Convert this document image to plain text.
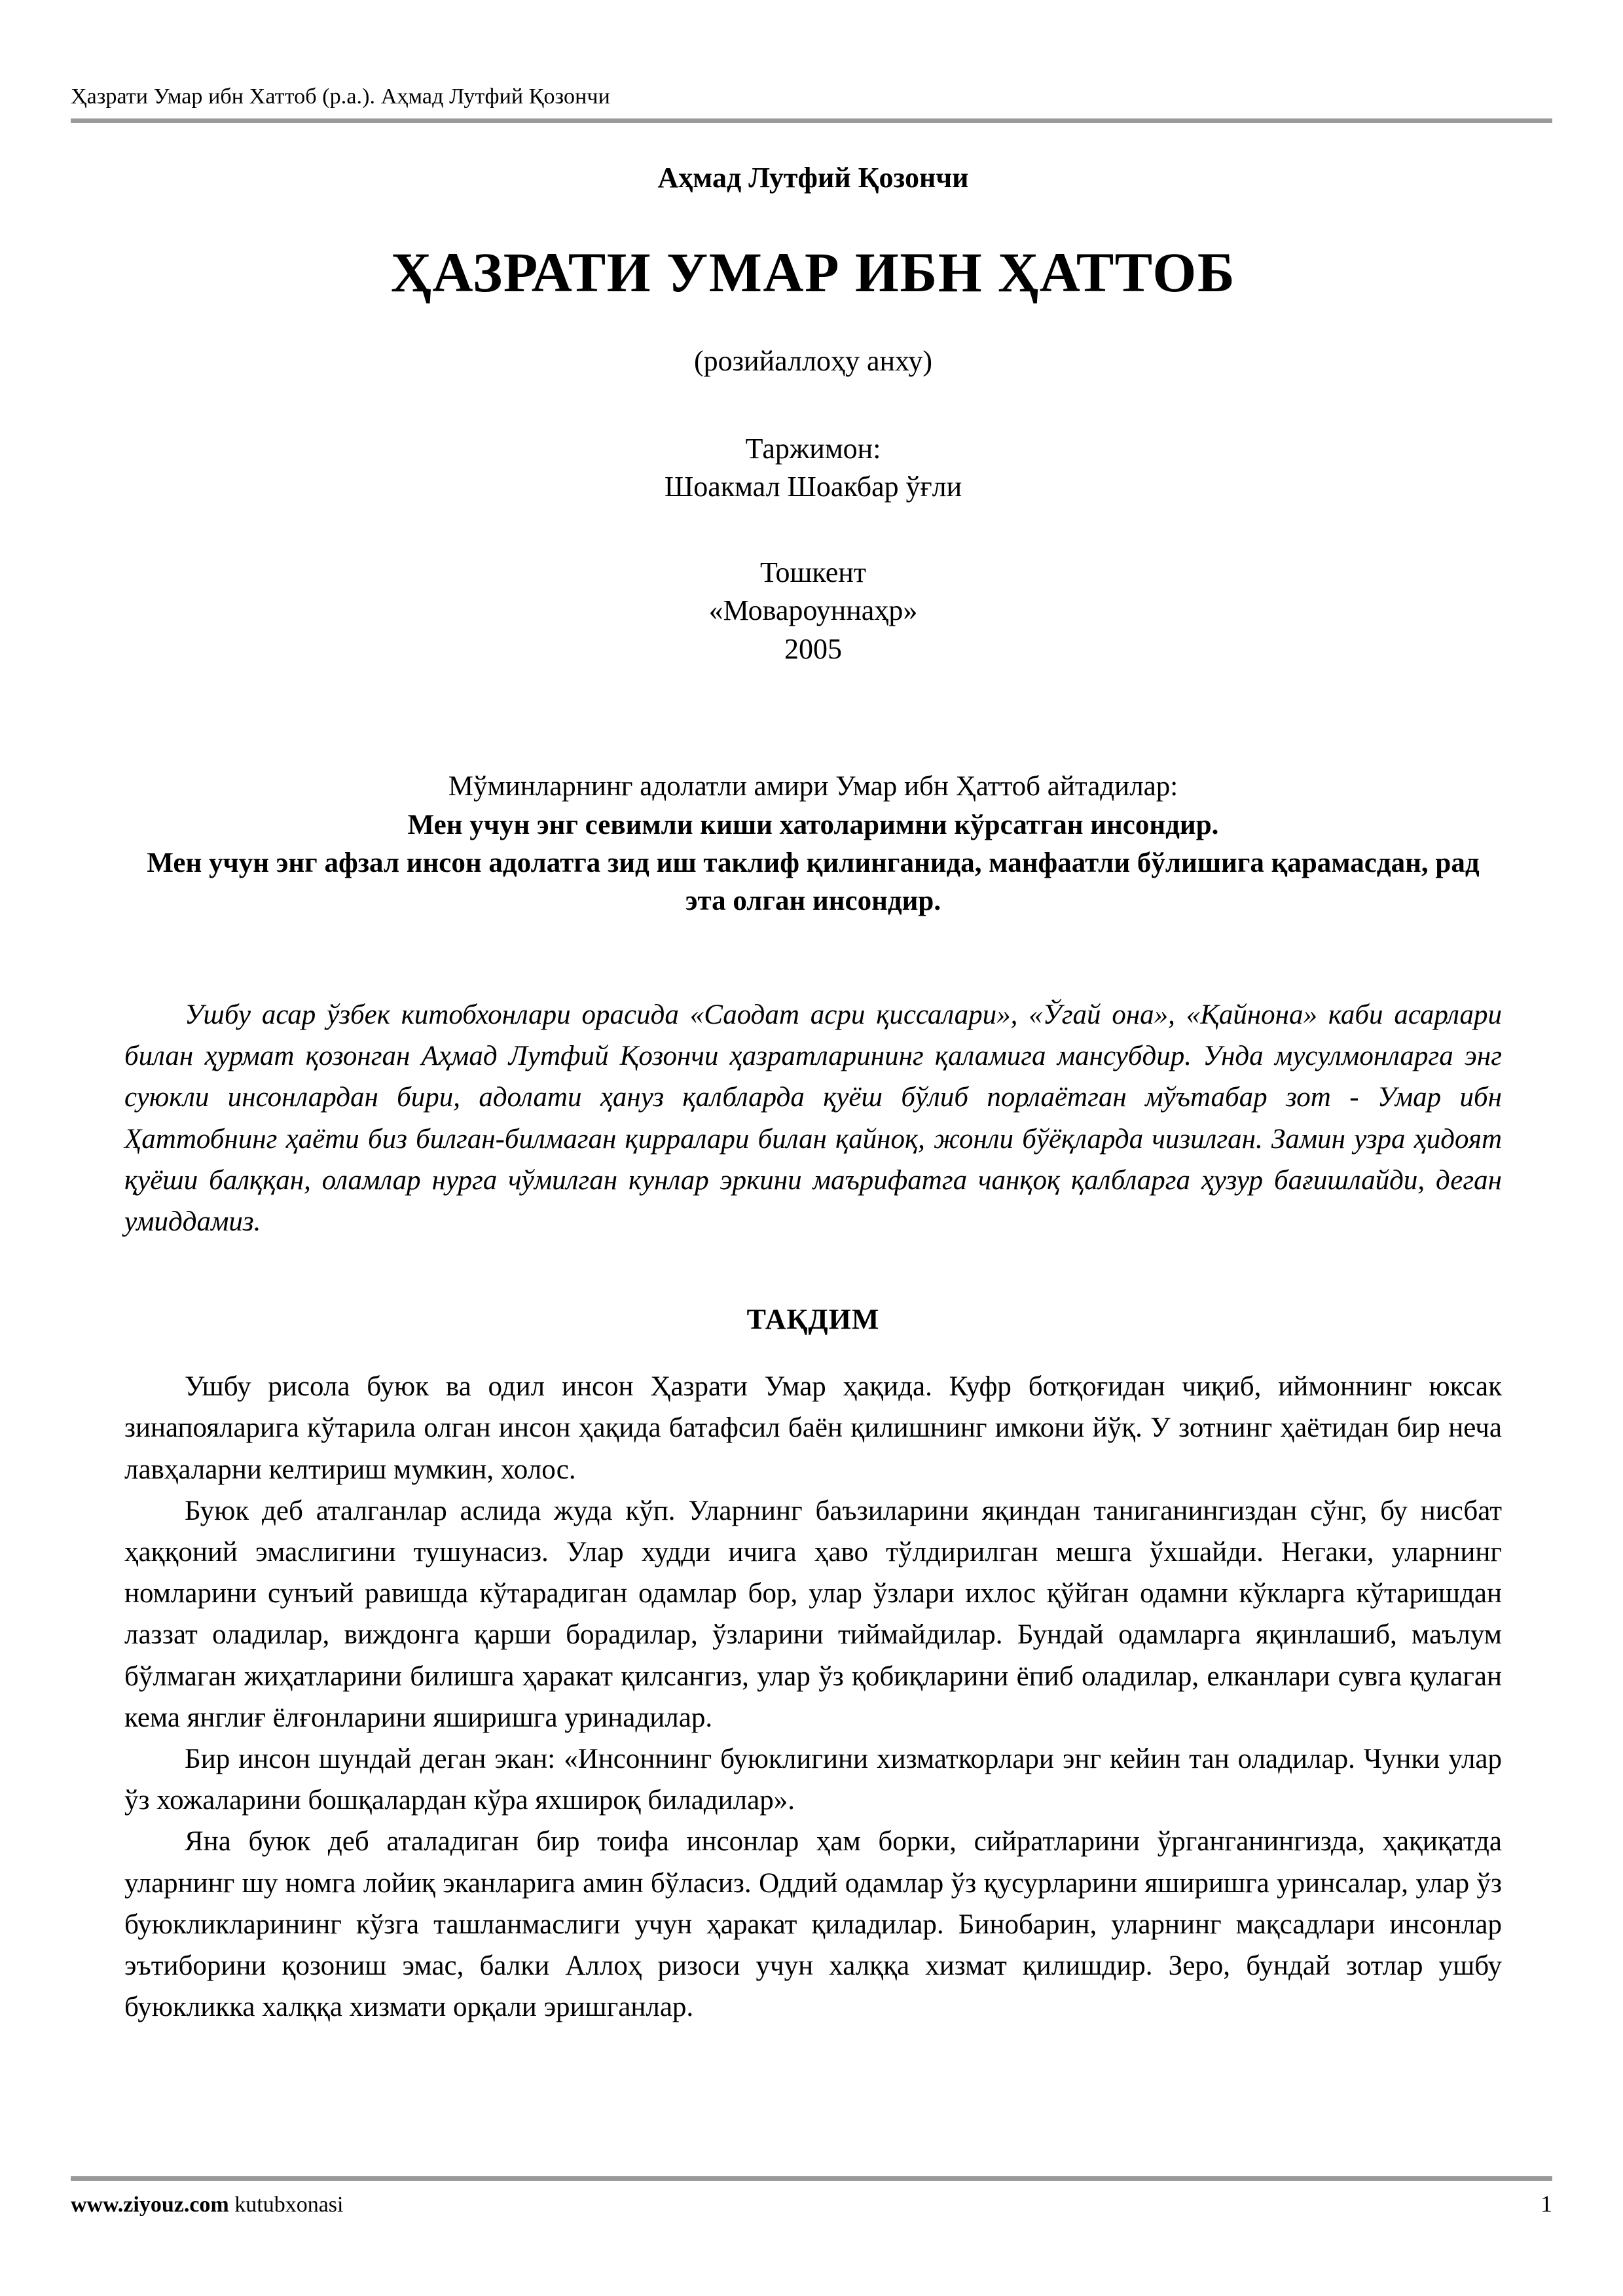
Ҳазрати Умар ибн Хаттоб (р.а.). Аҳмад Лутфий Қозончи
Аҳмад Лутфий Қозончи
ҲАЗРАТИ УМАР ИБН ҲАТТОБ
(розийаллоҳу анху)
Таржимон:
Шоакмал Шоакбар ўғли
Тошкент
«Мовароуннаҳр»
2005
Мўминларнинг адолатли амири Умар ибн Ҳаттоб айтадилар:
Мен учун энг севимли киши хатоларимни кўрсатган инсондир.
Мен учун энг афзал инсон адолатга зид иш таклиф қилинганида, манфаатли бўлишига қарамасдан, рад эта олган инсондир.
Ушбу асар ўзбек китобхонлари орасида «Саодат асри қиссалари», «Ўгай она», «Қайнона» каби асарлари билан ҳурмат қозонган Аҳмад Лутфий Қозончи ҳазратларининг қаламига мансубдир. Унда мусулмонларга энг суюкли инсонлардан бири, адолати ҳануз қалбларда қуёш бўлиб порлаётган мўътабар зот - Умар ибн Ҳаттобнинг ҳаёти биз билган-билмаган қирралари билан қайноқ, жонли бўёқларда чизилган. Замин узра ҳидоят қуёши балққан, оламлар нурга чўмилган кунлар эркини маърифатга чанқоқ қалбларга ҳузур бағишлайди, деган умиддамиз.
ТАҚДИМ

Ушбу рисола буюк ва одил инсон Ҳазрати Умар ҳақида. Куфр ботқоғидан чиқиб, иймоннинг юксак зинапояларига кўтарила олган инсон ҳақида батафсил баён қилишнинг имкони йўқ. У зотнинг ҳаётидан бир неча лавҳаларни келтириш мумкин, холос.

Буюк деб аталганлар аслида жуда кўп. Уларнинг баъзиларини яқиндан таниганингиздан сўнг, бу нисбат ҳаққоний эмаслигини тушунасиз. Улар худди ичига ҳаво тўлдирилган мешга ўхшайди. Негаки, уларнинг номларини сунъий равишда кўтарадиган одамлар бор, улар ўзлари ихлос қўйган одамни кўкларга кўтаришдан лаззат оладилар, виждонга қарши борадилар, ўзларини тиймайдилар. Бундай одамларга яқинлашиб, маълум бўлмаган жиҳатларини билишга ҳаракат қилсангиз, улар ўз қобиқларини ёпиб оладилар, елканлари сувга қулаган кема янглиғ ёлғонларини яширишга уринадилар.

Бир инсон шундай деган экан: «Инсоннинг буюклигини хизматкорлари энг кейин тан оладилар. Чунки улар ўз хожаларини бошқалардан кўра яхшироқ биладилар».

Яна буюк деб аталадиган бир тоифа инсонлар ҳам борки, сийратларини ўрганганингизда, ҳақиқатда уларнинг шу номга лойиқ эканларига амин бўласиз. Оддий одамлар ўз қусурларини яширишга уринсалар, улар ўз буюкликларининг кўзга ташланмаслиги учун ҳаракат қиладилар. Бинобарин, уларнинг мақсадлари инсонлар эътиборини қозониш эмас, балки Аллоҳ ризоси учун халққа хизмат қилишдир. Зеро, бундай зотлар ушбу буюкликка халққа хизмати орқали эришганлар.

www.ziyouz.com kutubxonasi	1
